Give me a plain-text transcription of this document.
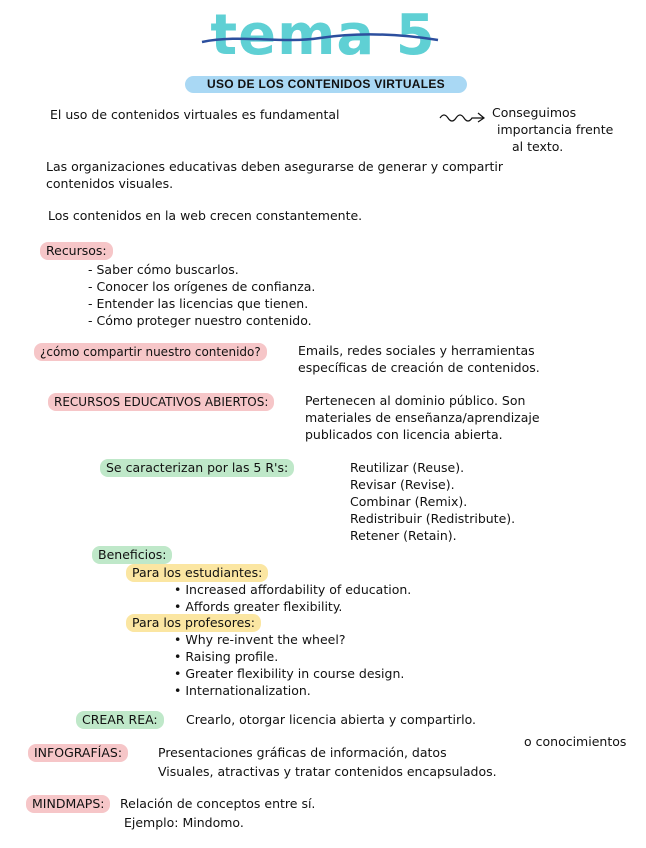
tema 5
USO DE LOS CONTENIDOS VIRTUALES
El uso de contenidos virtuales es fundamental	Conseguimos
importancia frente
al texto.
Las organizaciones educativas deben asegurarse de generar y compartir
contenidos visuales.
Los contenidos en la web crecen constantemente.
Recursos:
- Saber cómo buscarlos.
- Conocer los orígenes de confianza.
- Entender las licencias que tienen.
- Cómo proteger nuestro contenido.
¿cómo compartir nuestro contenido?	Emails, redes sociales y herramientas
específicas de creación de contenidos.
RECURSOS EDUCATIVOS ABIERTOS:	Pertenecen al dominio público. Son
materiales de enseñanza/aprendizaje
publicados con licencia abierta.
Se caracterizan por las 5 R's:	Reutilizar (Reuse).
Revisar (Revise).
Combinar (Remix).
Redistribuir (Redistribute).
Retener (Retain).
Beneficios:
Para los estudiantes:
• Increased affordability of education.
• Affords greater flexibility.
Para los profesores:
• Why re-invent the wheel?
• Raising profile.
• Greater flexibility in course design.
• Internationalization.
CREAR REA:	Crearlo, otorgar licencia abierta y compartirlo.
INFOGRAFÍAS:	Presentaciones gráficas de información, datos
o conocimientos
Visuales, atractivas y tratar contenidos encapsulados.
MINDMAPS:	Relación de conceptos entre sí.
Ejemplo: Mindomo.
